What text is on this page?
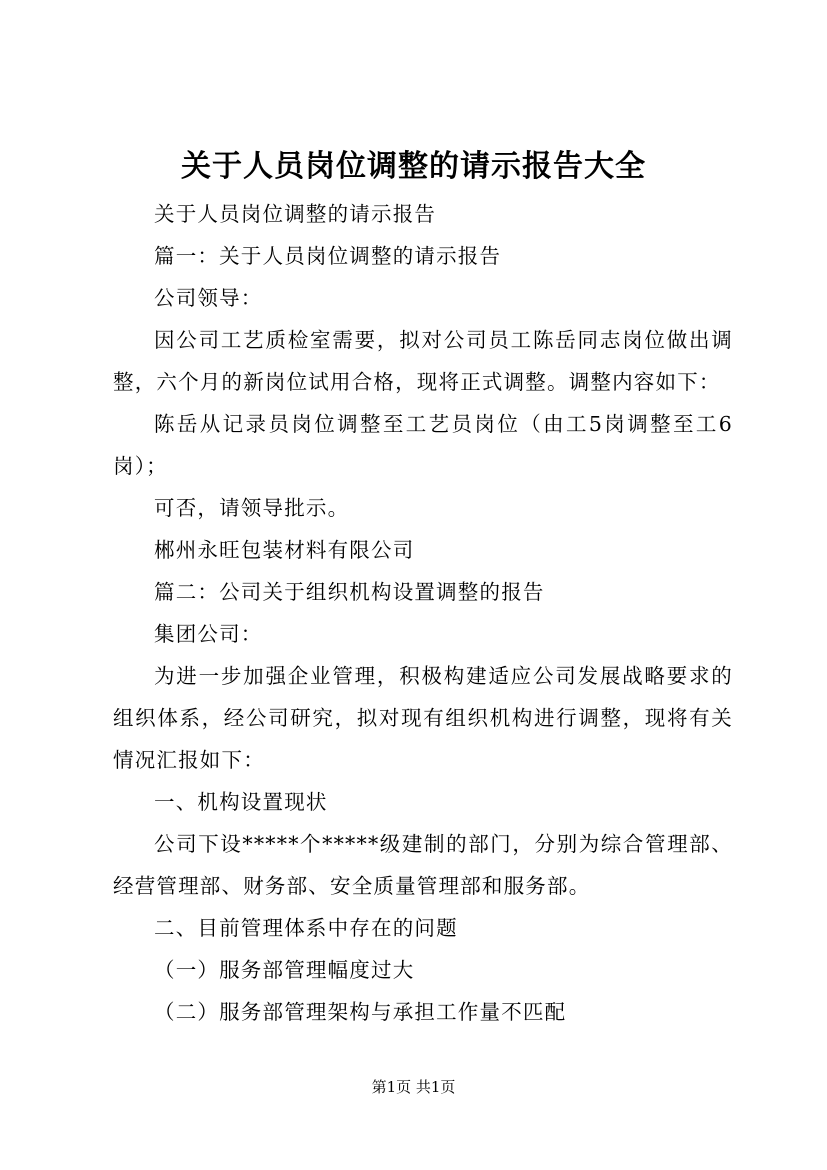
关于人员岗位调整的请示报告大全

关于人员岗位调整的请示报告

篇一：关于人员岗位调整的请示报告

公司领导：

因公司工艺质检室需要，拟对公司员工陈岳同志岗位做出调整，六个月的新岗位试用合格，现将正式调整。调整内容如下：

陈岳从记录员岗位调整至工艺员岗位（由工5岗调整至工6岗）；

可否，请领导批示。

郴州永旺包装材料有限公司

篇二：公司关于组织机构设置调整的报告

集团公司：

为进一步加强企业管理，积极构建适应公司发展战略要求的组织体系，经公司研究，拟对现有组织机构进行调整，现将有关情况汇报如下：

一、机构设置现状

公司下设*****个*****级建制的部门，分别为综合管理部、经营管理部、财务部、安全质量管理部和服务部。

二、目前管理体系中存在的问题

（一）服务部管理幅度过大

（二）服务部管理架构与承担工作量不匹配

第1页 共1页
